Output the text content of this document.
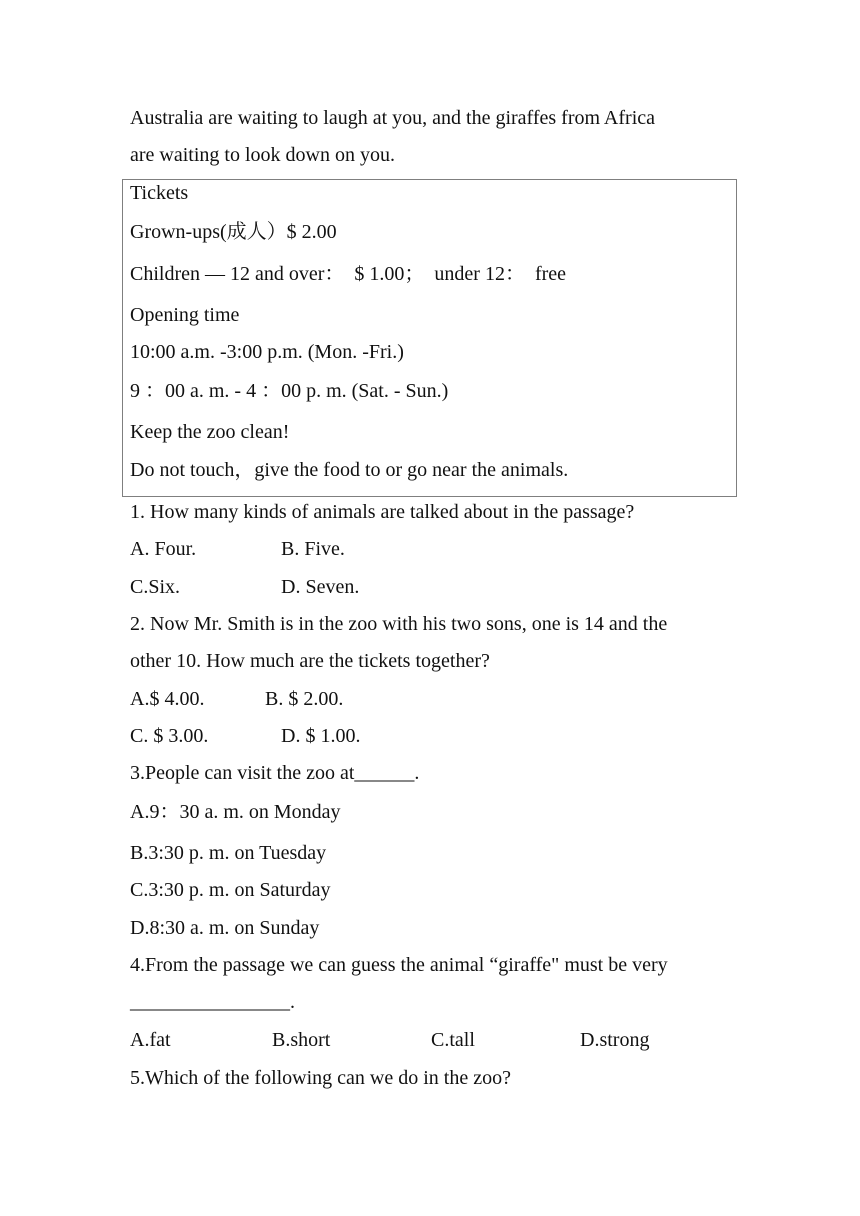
Australia are waiting to laugh at you, and the giraffes from Africa
are waiting to look down on you.
Tickets
Grown-ups(成人）$ 2.00
Children — 12 and over：  $ 1.00；  under 12：  free
Opening time
10:00 a.m. -3:00 p.m. (Mon. -Fri.)
9 ：00 a. m. - 4 ：00 p. m. (Sat. - Sun.)
Keep the zoo clean!
Do not touch，give the food to or go near the animals.
1. How many kinds of animals are talked about in the passage?
A. Four.	B. Five.
C.Six.	D. Seven.
2. Now Mr. Smith is in the zoo with his two sons, one is 14 and the
other 10. How much are the tickets together?
A.$ 4.00.	B. $ 2.00.
C. $ 3.00.	D. $ 1.00.
3.People can visit the zoo at______.
A.9：30 a. m. on Monday
B.3:30 p. m. on Tuesday
C.3:30 p. m. on Saturday
D.8:30 a. m. on Sunday
4.From the passage we can guess the animal “giraffe" must be very
________________.
A.fat	B.short	C.tall	D.strong
5.Which of the following can we do in the zoo?
